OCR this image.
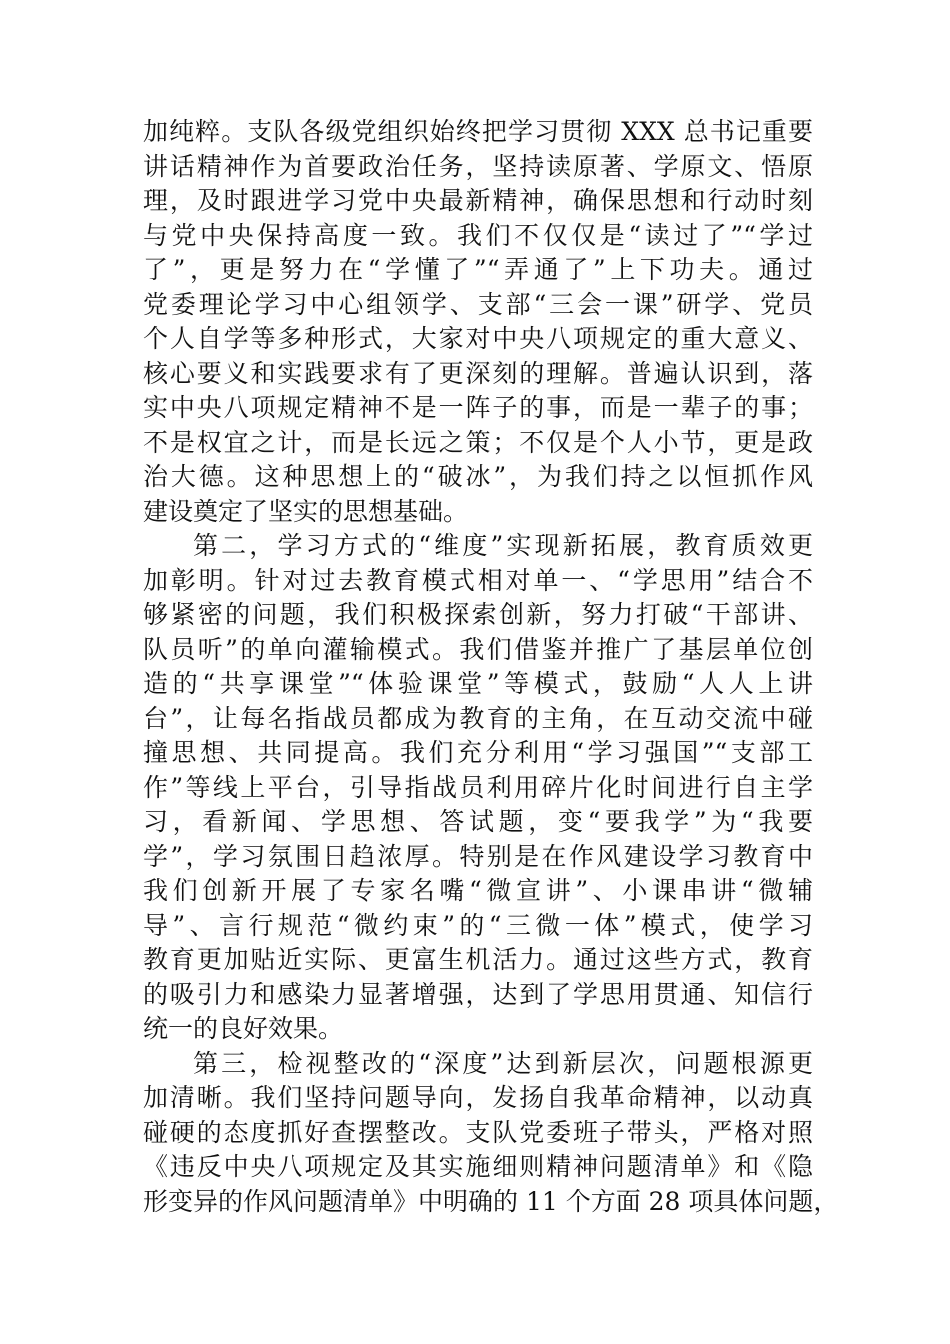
加纯粹。支队各级党组织始终把学习贯彻 XXX 总书记重要
讲话精神作为首要政治任务，坚持读原著、学原文、悟原
理，及时跟进学习党中央最新精神，确保思想和行动时刻
与党中央保持高度一致。我们不仅仅是“读过了”“学过
了”，更是努力在“学懂了”“弄通了”上下功夫。通过
党委理论学习中心组领学、支部“三会一课”研学、党员
个人自学等多种形式，大家对中央八项规定的重大意义、
核心要义和实践要求有了更深刻的理解。普遍认识到，落
实中央八项规定精神不是一阵子的事，而是一辈子的事；
不是权宜之计，而是长远之策；不仅是个人小节，更是政
治大德。这种思想上的“破冰”，为我们持之以恒抓作风
建设奠定了坚实的思想基础。
第二，学习方式的“维度”实现新拓展，教育质效更
加彰明。针对过去教育模式相对单一、“学思用”结合不
够紧密的问题，我们积极探索创新，努力打破“干部讲、
队员听”的单向灌输模式。我们借鉴并推广了基层单位创
造的“共享课堂”“体验课堂”等模式，鼓励“人人上讲
台”，让每名指战员都成为教育的主角，在互动交流中碰
撞思想、共同提高。我们充分利用“学习强国”“支部工
作”等线上平台，引导指战员利用碎片化时间进行自主学
习，看新闻、学思想、答试题，变“要我学”为“我要
学”，学习氛围日趋浓厚。特别是在作风建设学习教育中
我们创新开展了专家名嘴“微宣讲”、小课串讲“微辅
导”、言行规范“微约束”的“三微一体”模式，使学习
教育更加贴近实际、更富生机活力。通过这些方式，教育
的吸引力和感染力显著增强，达到了学思用贯通、知信行
统一的良好效果。
第三，检视整改的“深度”达到新层次，问题根源更
加清晰。我们坚持问题导向，发扬自我革命精神，以动真
碰硬的态度抓好查摆整改。支队党委班子带头，严格对照
《违反中央八项规定及其实施细则精神问题清单》和《隐
形变异的作风问题清单》中明确的 11 个方面 28 项具体问题，
